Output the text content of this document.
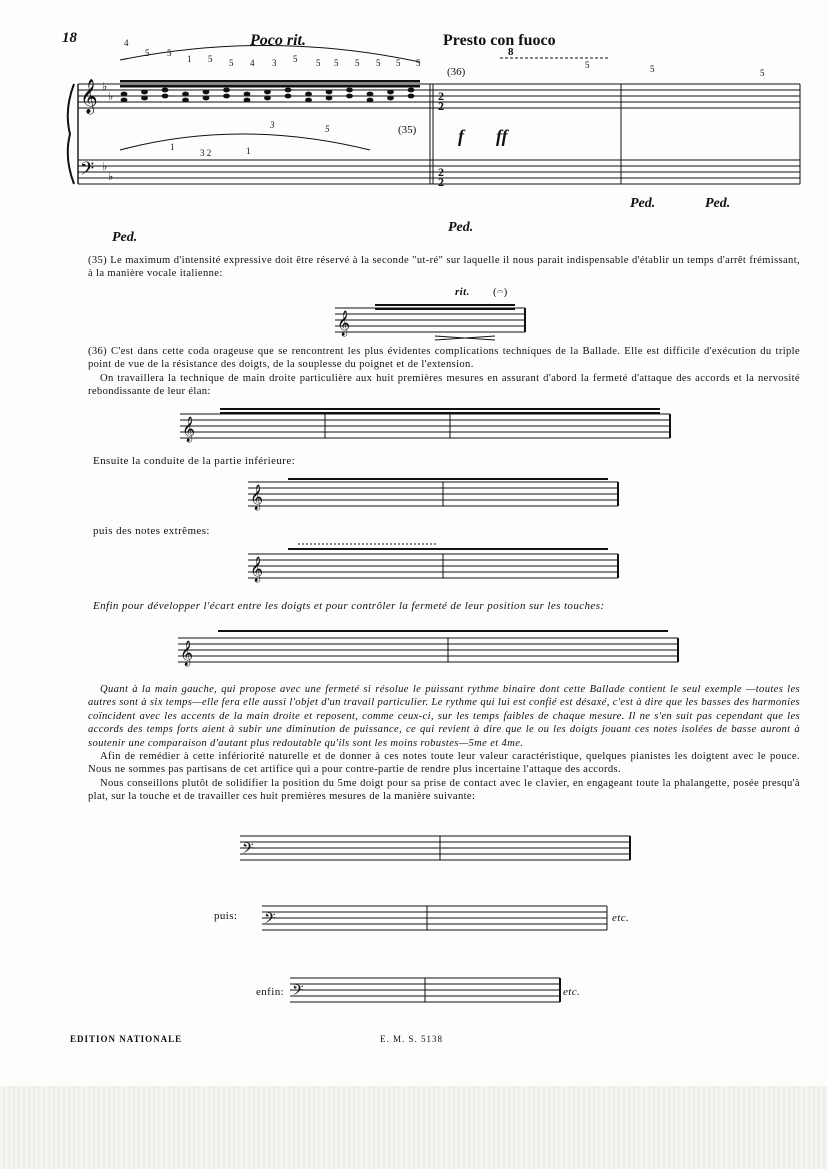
18	Poco rit.	Presto con fuoco
𝄞
𝄢
♭
♭
♭
♭
2
2
2
2
4
5 5
1 5 5 4 3 5 5 5 5 5 5 5
3	5
1
3 2	1
5	5	5
(35)
(36)
8
f ff
Ped.
Ped.
Ped.	Ped.
(35) Le maximum d'intensité expressive doit être réservé à la seconde "ut-ré" sur laquelle il nous parait indispensable d'établir un temps d'arrêt frémissant, à la manière vocale italienne:
𝄞
rit. (𝄐)

(36) C'est dans cette coda orageuse que se rencontrent les plus évidentes complications techniques de la Ballade. Elle est difficile d'exécution du triple point de vue de la résistance des doigts, de la souplesse du poignet et de l'extension.

On travaillera la technique de main droite particulière aux huit premières mesures en assurant d'abord la fermeté d'attaque des accords et la nervosité rebondissante de leur élan:

𝄞
Ensuite la conduite de la partie inférieure:
𝄞
puis des notes extrêmes:
𝄞
Enfin pour développer l'écart entre les doigts et pour contrôler la fermeté de leur position sur les touches:
𝄞

Quant à la main gauche, qui propose avec une fermeté si résolue le puissant rythme binaire dont cette Ballade contient le seul exemple —toutes les autres sont à six temps—elle fera elle aussi l'objet d'un travail particulier. Le rythme qui lui est confié est désaxé, c'est à dire que les basses des harmonies coïncident avec les accents de la main droite et reposent, comme ceux-ci, sur les temps faibles de chaque mesure. Il ne s'en suit pas cependant que les accords des temps forts aient à subir une diminution de puissance, ce qui revient à dire que le ou les doigts jouant ces notes isolées de basse auront à soutenir une comparaison d'autant plus redoutable qu'ils sont les moins robustes—5me et 4me.

Afin de remédier à cette infériorité naturelle et de donner à ces notes toute leur valeur caractéristique, quelques pianistes les doigtent avec le pouce. Nous ne sommes pas partisans de cet artifice qui a pour contre-partie de rendre plus incertaine l'attaque des accords.

Nous conseillons plutôt de solidifier la position du 5me doigt pour sa prise de contact avec le clavier, en engageant toute la phalangette, posée presqu'à plat, sur la touche et de travailler ces huit premières mesures de la manière suivante:

𝄢
puis: 𝄢	etc.
enfin: 𝄢	etc.
EDITION NATIONALE	E. M. S. 5138
